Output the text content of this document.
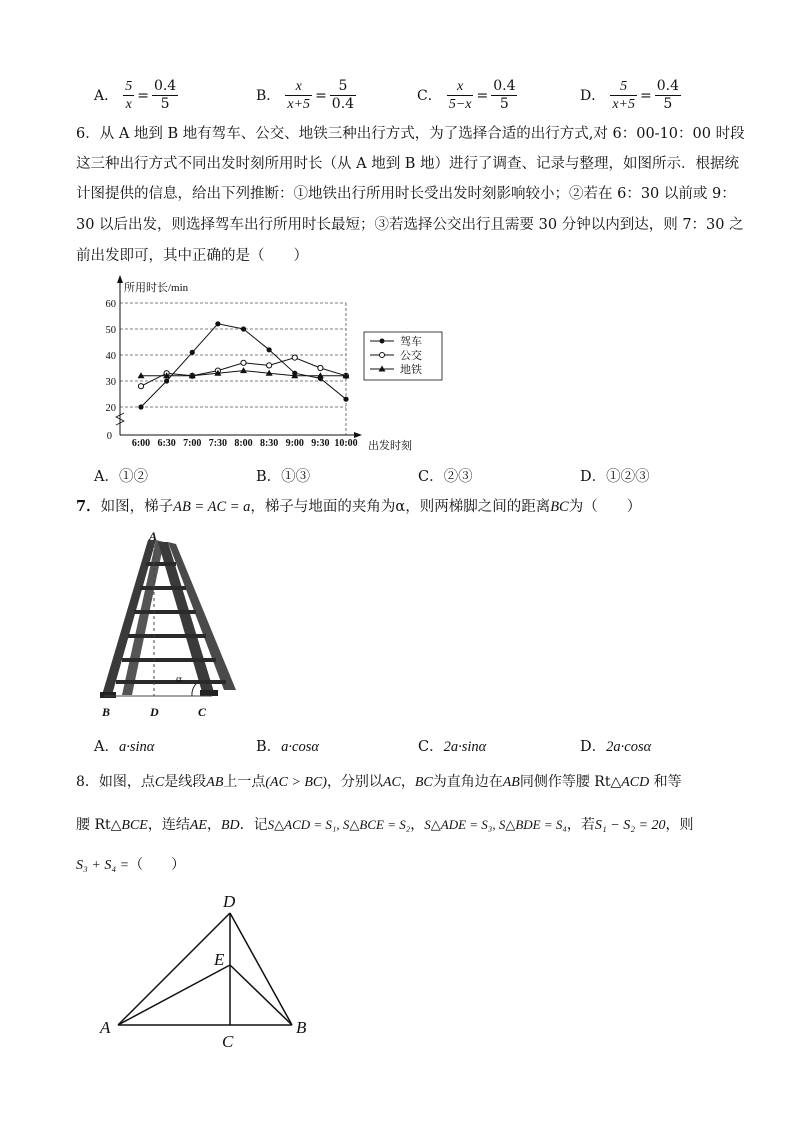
A． $\frac{5}{x} = \frac{0.4}{5}$	B． $\frac{x}{x+5} = \frac{5}{0.4}$	C． $\frac{x}{5-x} = \frac{0.4}{5}$	D． $\frac{5}{x+5} = \frac{0.4}{5}$
6．从 A 地到 B 地有驾车、公交、地铁三种出行方式，为了选择合适的出行方式,对 6：00-10：00 时段
这三种出行方式不同出发时刻所用时长（从 A 地到 B 地）进行了调查、记录与整理，如图所示．根据统
计图提供的信息，给出下列推断：①地铁出行所用时长受出发时刻影响较小；②若在 6：30 以前或 9：
30 以后出发，则选择驾车出行所用时长最短；③若选择公交出行且需要 30 分钟以内到达，则 7：30 之
前出发即可，其中正确的是（　　）
20
30
40
50
60
0
所用时长/min
出发时刻
6:00 6:30 7:00 7:30 8:00 8:30 9:00 9:30 10:00
驾车
公交
地铁
A．①②	B．①③	C．②③	D．①②③
7．如图，梯子AB = AC = a，梯子与地面的夹角为α，则两梯脚之间的距离BC为（　　）
α
A
B	D	C
A．a·sinα	B．a·cosα	C．2a·sinα	D．2a·cosα
8．如图，点C是线段AB上一点(AC > BC)，分别以AC，BC为直角边在AB同侧作等腰 Rt△ACD 和等
腰 Rt△BCE，连结AE，BD．记S△ACD = S₁, S△BCE = S₂，S△ADE = S₃, S△BDE = S₄，若S₁ − S₂ = 20，则
S₃ + S₄ =（　　）
D
E
A
C
B
